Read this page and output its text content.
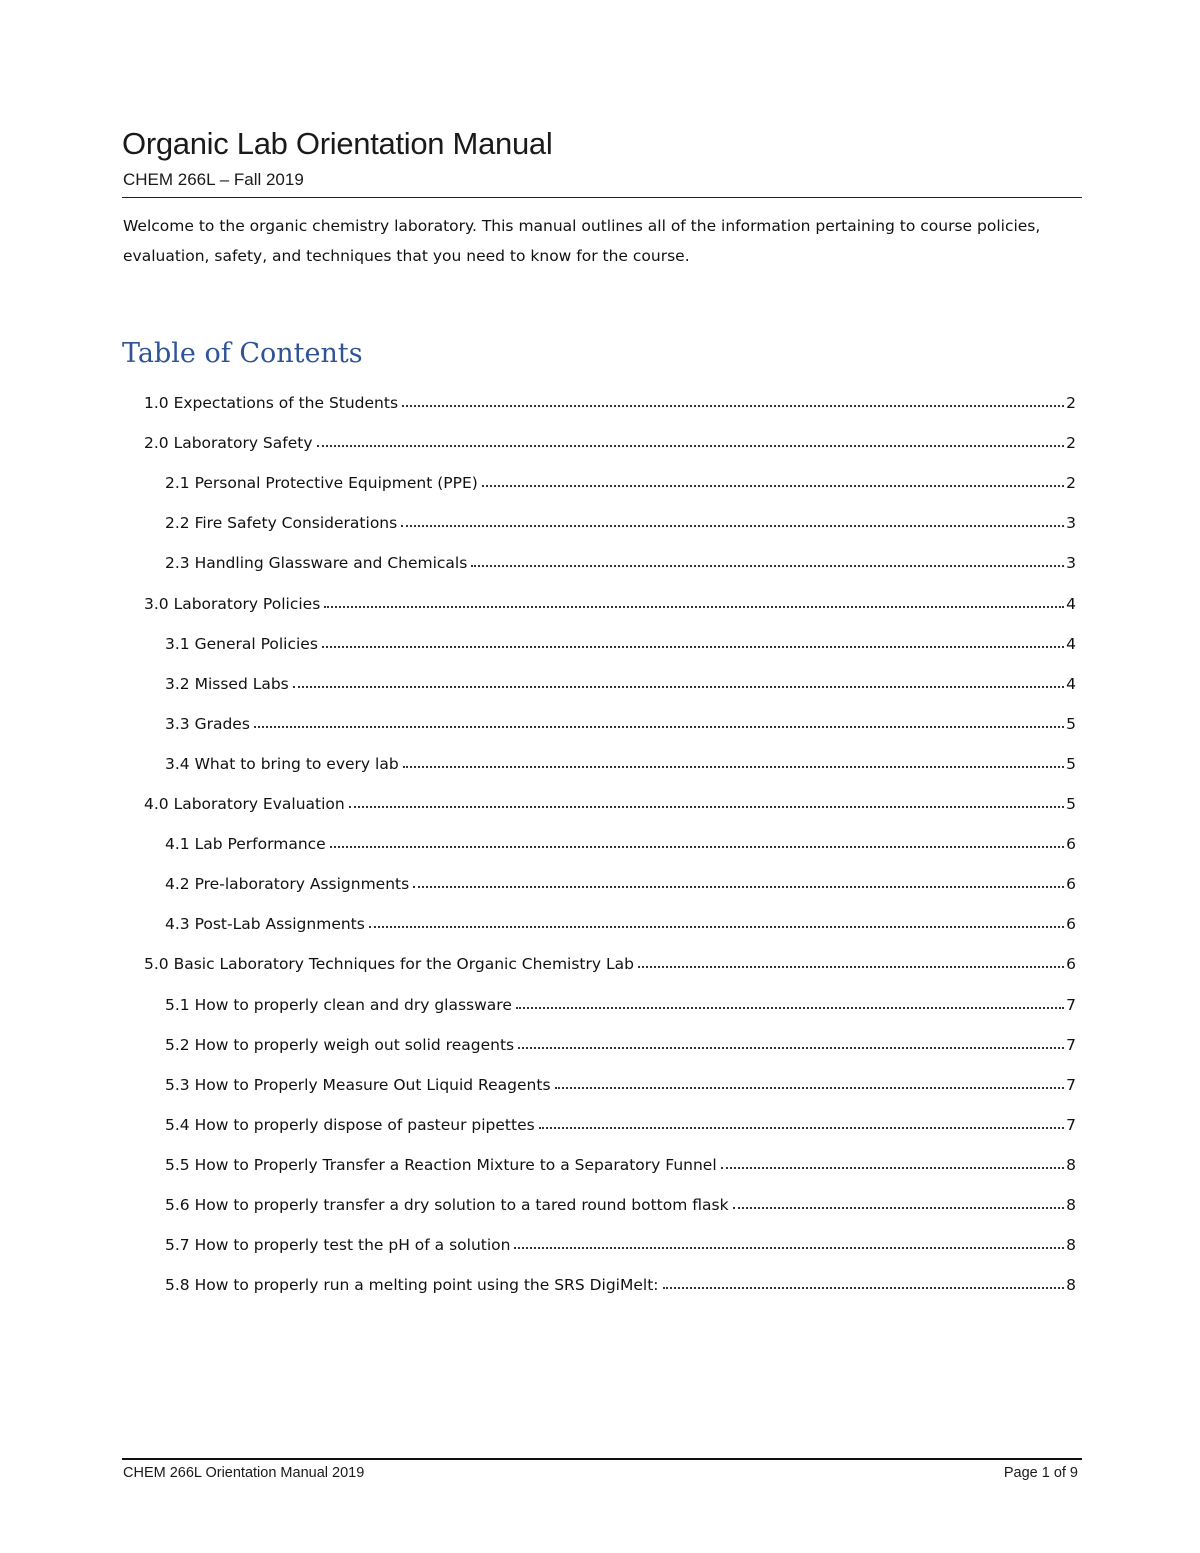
Organic Lab Orientation Manual
CHEM 266L – Fall 2019
Welcome to the organic chemistry laboratory. This manual outlines all of the information pertaining to course policies, evaluation, safety, and techniques that you need to know for the course.
Table of Contents
1.0 Expectations of the Students	2
2.0 Laboratory Safety	2
2.1 Personal Protective Equipment (PPE)	2
2.2 Fire Safety Considerations	3
2.3 Handling Glassware and Chemicals	3
3.0 Laboratory Policies	4
3.1 General Policies	4
3.2 Missed Labs	4
3.3 Grades	5
3.4 What to bring to every lab	5
4.0 Laboratory Evaluation	5
4.1 Lab Performance	6
4.2 Pre-laboratory Assignments	6
4.3 Post-Lab Assignments	6
5.0 Basic Laboratory Techniques for the Organic Chemistry Lab	6
5.1 How to properly clean and dry glassware	7
5.2 How to properly weigh out solid reagents	7
5.3 How to Properly Measure Out Liquid Reagents	7
5.4 How to properly dispose of pasteur pipettes	7
5.5 How to Properly Transfer a Reaction Mixture to a Separatory Funnel	8
5.6 How to properly transfer a dry solution to a tared round bottom flask	8
5.7 How to properly test the pH of a solution	8
5.8 How to properly run a melting point using the SRS DigiMelt:	8
CHEM 266L Orientation Manual 2019	Page 1 of 9
